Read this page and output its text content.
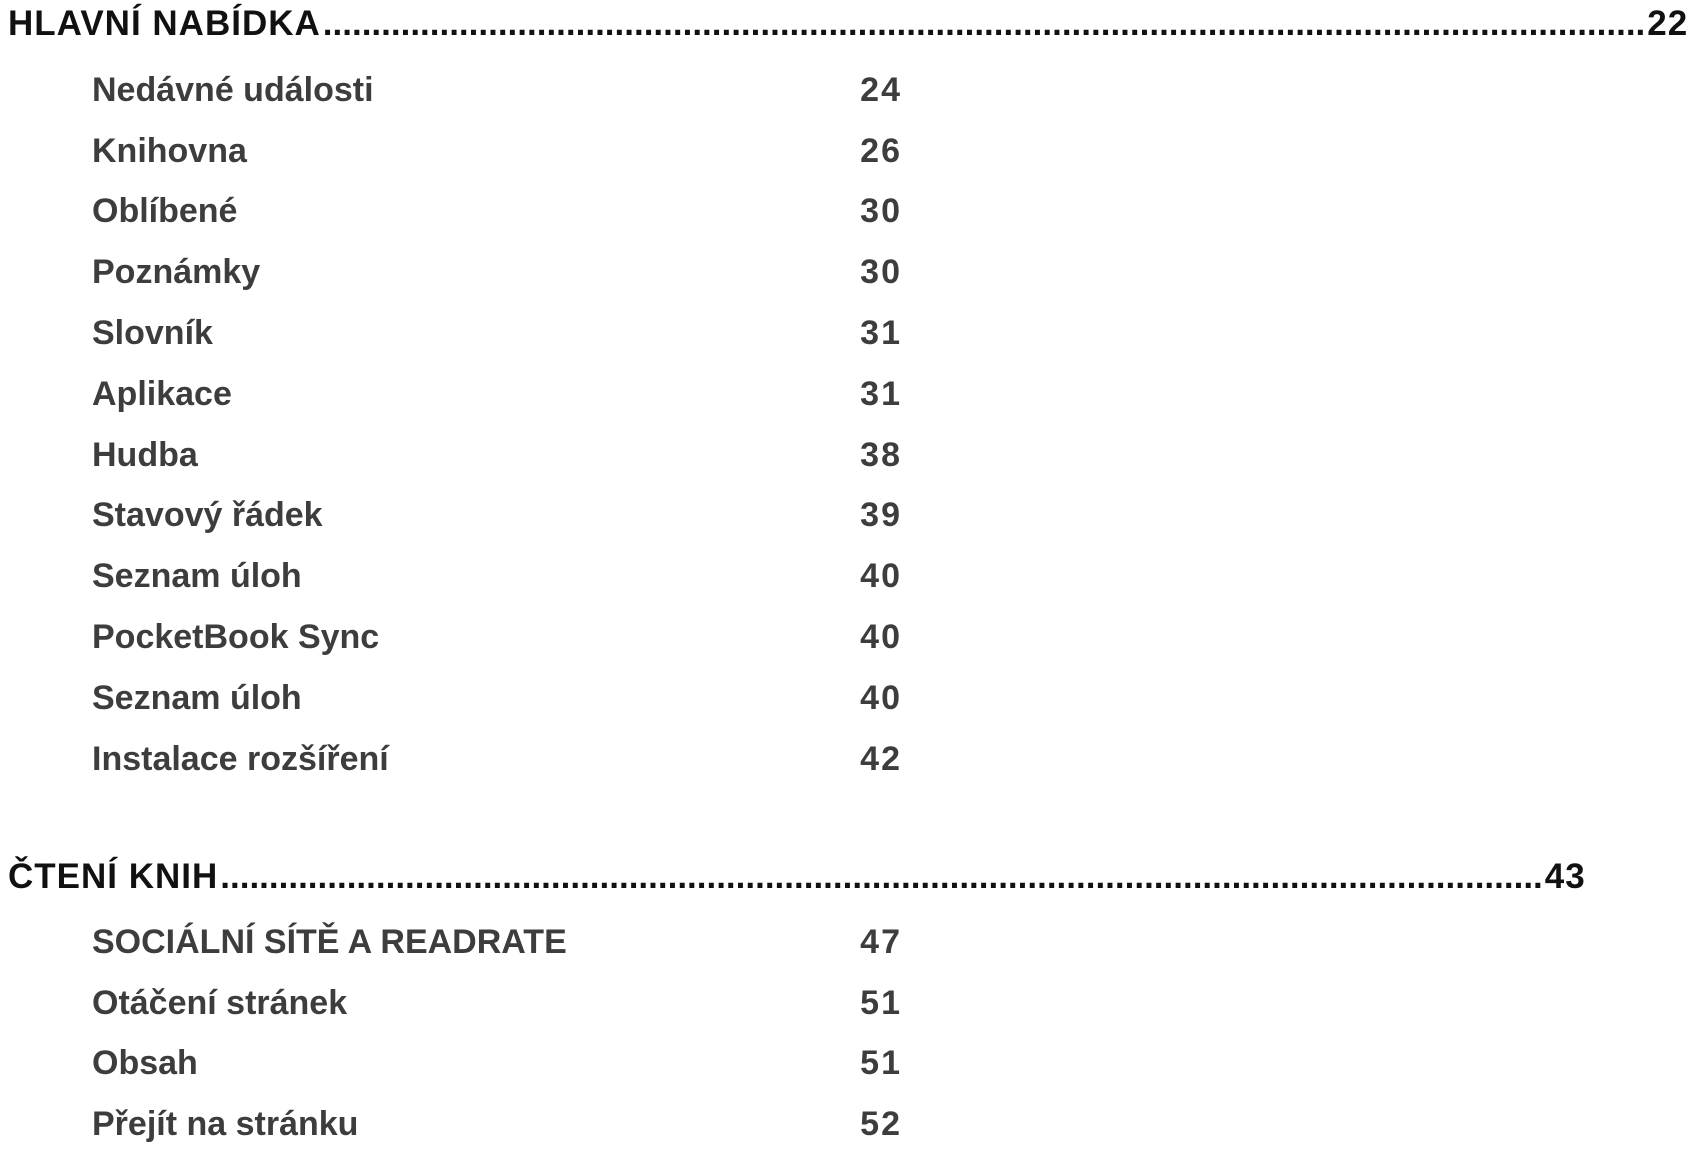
HLAVNÍ NABÍDKA ........................................................................................................................................ 22
Nedávné události	24
Knihovna	26
Oblíbené	30
Poznámky	30
Slovník	31
Aplikace	31
Hudba	38
Stavový řádek	39
Seznam úloh	40
PocketBook Sync	40
Seznam úloh	40
Instalace rozšíření	42
ČTENÍ KNIH ........................................................................................................................................ 43
SOCIÁLNÍ SÍTĚ A READRATE	47
Otáčení stránek	51
Obsah	51
Přejít na stránku	52
